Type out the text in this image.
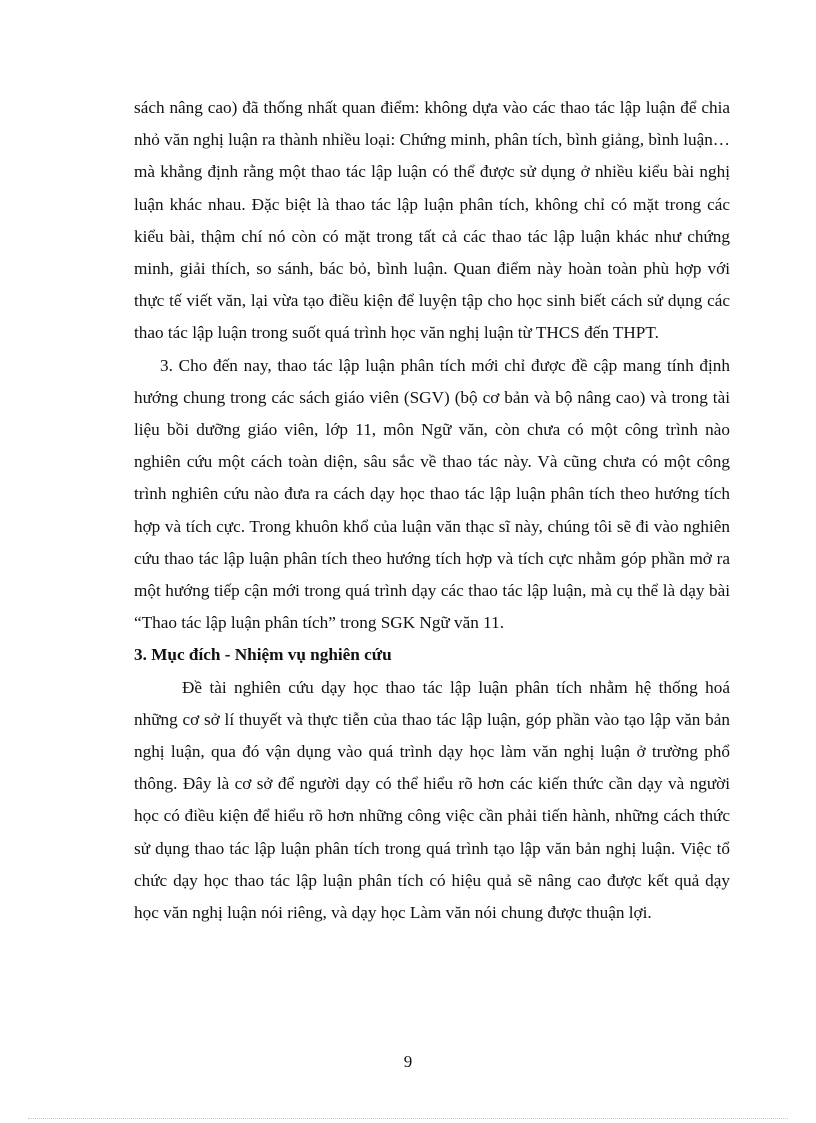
sách nâng cao) đã thống nhất quan điểm: không dựa vào các thao tác lập luận để chia nhỏ văn nghị luận ra thành nhiều loại: Chứng minh, phân tích, bình giảng, bình luận…mà khẳng định rằng một thao tác lập luận có thể được sử dụng ở nhiều kiểu bài nghị luận khác nhau. Đặc biệt là thao tác lập luận phân tích, không chỉ có mặt trong các kiểu bài, thậm chí nó còn có mặt trong tất cả các thao tác lập luận khác như chứng minh, giải thích, so sánh, bác bỏ, bình luận. Quan điểm này hoàn toàn phù hợp với thực tế viết văn, lại vừa tạo điều kiện để luyện tập cho học sinh biết cách sử dụng các thao tác lập luận trong suốt quá trình học văn nghị luận từ THCS đến THPT.

3. Cho đến nay, thao tác lập luận phân tích mới chỉ được đề cập mang tính định hướng chung trong các sách giáo viên (SGV) (bộ cơ bản và bộ nâng cao) và trong tài liệu bồi dưỡng giáo viên, lớp 11, môn Ngữ văn, còn chưa có một công trình nào nghiên cứu một cách toàn diện, sâu sắc về thao tác này. Và cũng chưa có một công trình nghiên cứu nào đưa ra cách dạy học thao tác lập luận phân tích theo hướng tích hợp và tích cực. Trong khuôn khổ của luận văn thạc sĩ này, chúng tôi sẽ đi vào nghiên cứu thao tác lập luận phân tích theo hướng tích hợp và tích cực nhằm góp phần mở ra một hướng tiếp cận mới trong quá trình dạy các thao tác lập luận, mà cụ thể là dạy bài “Thao tác lập luận phân tích” trong SGK Ngữ văn 11.

3. Mục đích - Nhiệm vụ nghiên cứu

Đề tài nghiên cứu dạy học thao tác lập luận phân tích nhằm hệ thống hoá những cơ sở lí thuyết và thực tiễn của thao tác lập luận, góp phần vào tạo lập văn bản nghị luận, qua đó vận dụng vào quá trình dạy học làm văn nghị luận ở trường phổ thông. Đây là cơ sở để người dạy có thể hiểu rõ hơn các kiến thức cần dạy và người học có điều kiện để hiểu rõ hơn những công việc cần phải tiến hành, những cách thức sử dụng thao tác lập luận phân tích trong quá trình tạo lập văn bản nghị luận. Việc tổ chức dạy học thao tác lập luận phân tích có hiệu quả sẽ nâng cao được kết quả dạy học văn nghị luận nói riêng, và dạy học Làm văn nói chung được thuận lợi.

9
